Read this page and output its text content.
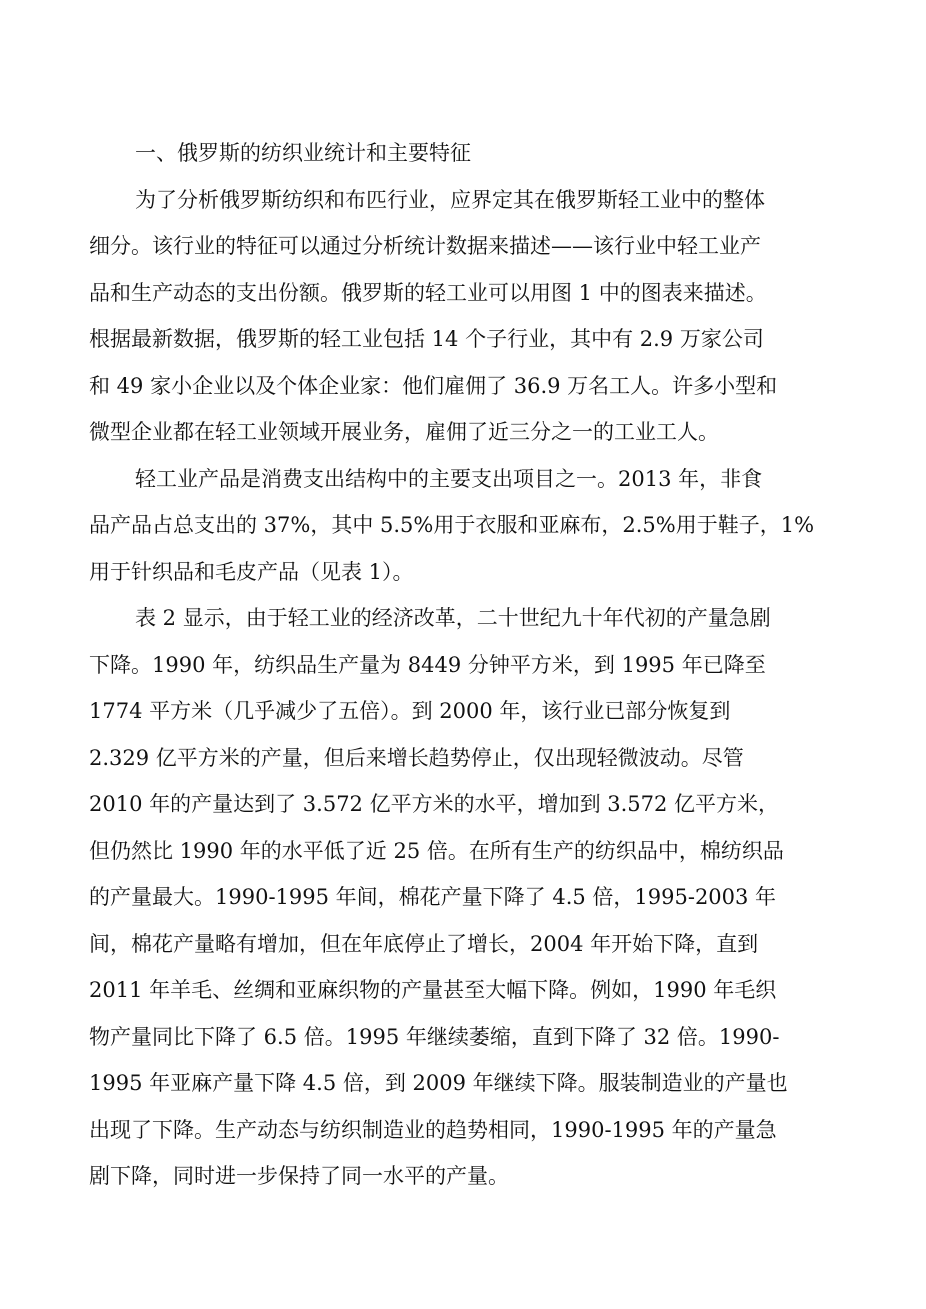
一、俄罗斯的纺织业统计和主要特征
为了分析俄罗斯纺织和布匹行业，应界定其在俄罗斯轻工业中的整体
细分。该行业的特征可以通过分析统计数据来描述——该行业中轻工业产
品和生产动态的支出份额。俄罗斯的轻工业可以用图 1 中的图表来描述。
根据最新数据，俄罗斯的轻工业包括 14 个子行业，其中有 2.9 万家公司
和 49 家小企业以及个体企业家：他们雇佣了 36.9 万名工人。许多小型和
微型企业都在轻工业领域开展业务，雇佣了近三分之一的工业工人。
轻工业产品是消费支出结构中的主要支出项目之一。2013 年，非食
品产品占总支出的 37%，其中 5.5%用于衣服和亚麻布，2.5%用于鞋子，1%
用于针织品和毛皮产品（见表 1）。
表 2 显示，由于轻工业的经济改革，二十世纪九十年代初的产量急剧
下降。1990 年，纺织品生产量为 8449 分钟平方米，到 1995 年已降至
1774 平方米（几乎减少了五倍）。到 2000 年，该行业已部分恢复到
2.329 亿平方米的产量，但后来增长趋势停止，仅出现轻微波动。尽管
2010 年的产量达到了 3.572 亿平方米的水平，增加到 3.572 亿平方米，
但仍然比 1990 年的水平低了近 25 倍。在所有生产的纺织品中，棉纺织品
的产量最大。1990-1995 年间，棉花产量下降了 4.5 倍，1995-2003 年
间，棉花产量略有增加，但在年底停止了增长，2004 年开始下降，直到
2011 年羊毛、丝绸和亚麻织物的产量甚至大幅下降。例如，1990 年毛织
物产量同比下降了 6.5 倍。1995 年继续萎缩，直到下降了 32 倍。1990-
1995 年亚麻产量下降 4.5 倍，到 2009 年继续下降。服装制造业的产量也
出现了下降。生产动态与纺织制造业的趋势相同，1990-1995 年的产量急
剧下降，同时进一步保持了同一水平的产量。
